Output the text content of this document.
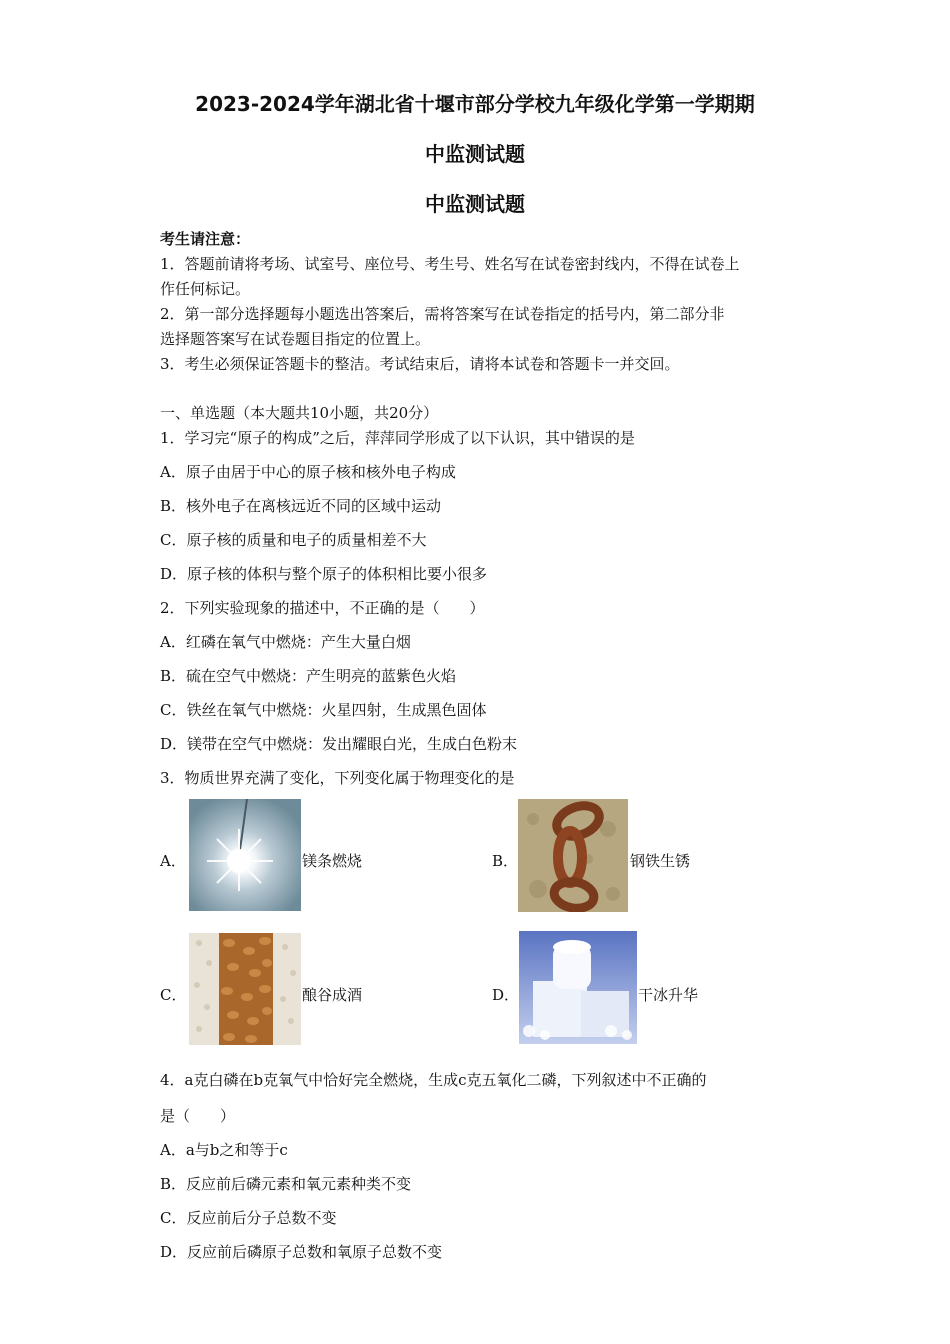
2023-2024学年湖北省十堰市部分学校九年级化学第一学期期
中监测试题
中监测试题
考生请注意：
1．答题前请将考场、试室号、座位号、考生号、姓名写在试卷密封线内，不得在试卷上
作任何标记。
2．第一部分选择题每小题选出答案后，需将答案写在试卷指定的括号内，第二部分非
选择题答案写在试卷题目指定的位置上。
3．考生必须保证答题卡的整洁。考试结束后，请将本试卷和答题卡一并交回。
一、单选题（本大题共10小题，共20分）
1．学习完“原子的构成”之后，萍萍同学形成了以下认识，其中错误的是
A．原子由居于中心的原子核和核外电子构成
B．核外电子在离核远近不同的区域中运动
C．原子核的质量和电子的质量相差不大
D．原子核的体积与整个原子的体积相比要小很多
2．下列实验现象的描述中，不正确的是（　　）
A．红磷在氧气中燃烧：产生大量白烟
B．硫在空气中燃烧：产生明亮的蓝紫色火焰
C．铁丝在氧气中燃烧：火星四射，生成黑色固体
D．镁带在空气中燃烧：发出耀眼白光，生成白色粉末
3．物质世界充满了变化，下列变化属于物理变化的是
A．	镁条燃烧	B．	钢铁生锈
C．	酿谷成酒	D．	干冰升华
4．a克白磷在b克氧气中恰好完全燃烧，生成c克五氧化二磷，下列叙述中不正确的
是（　　）
A．a与b之和等于c
B．反应前后磷元素和氧元素种类不变
C．反应前后分子总数不变
D．反应前后磷原子总数和氧原子总数不变
